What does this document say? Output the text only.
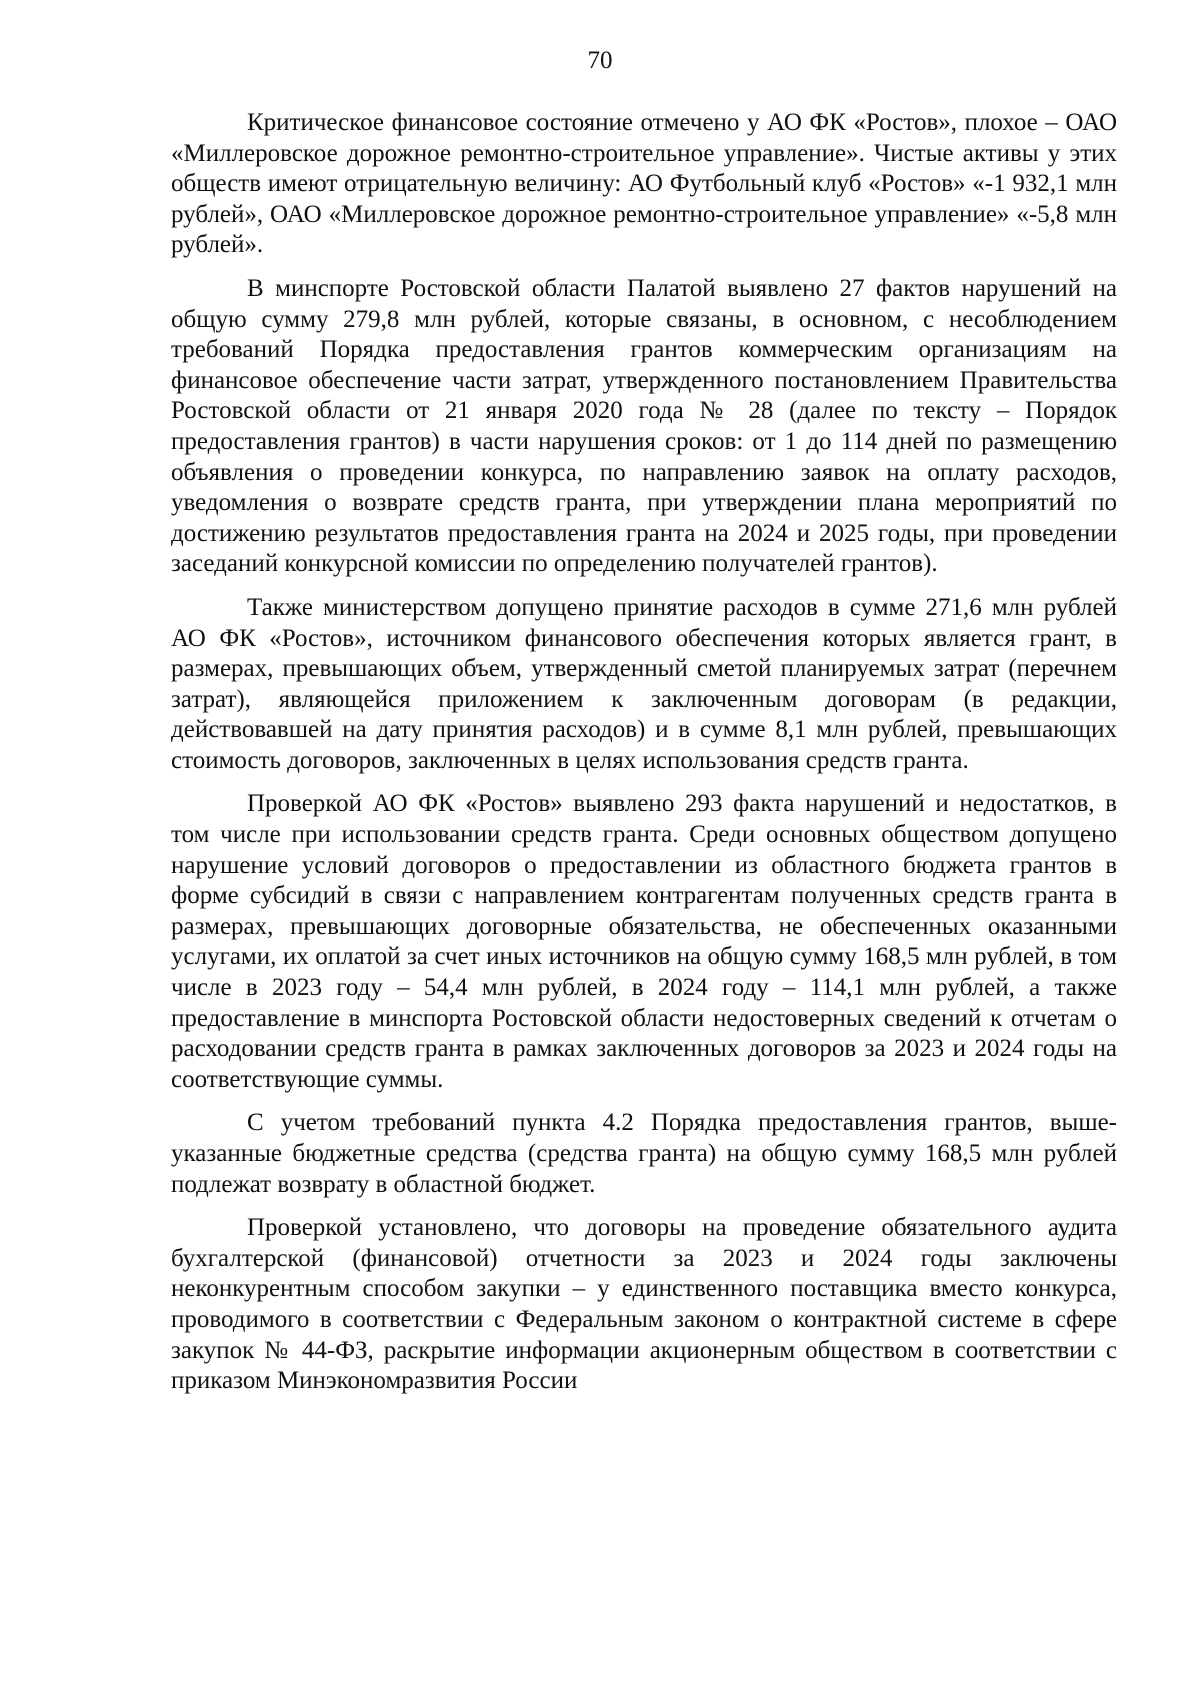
70

Критическое финансовое состояние отмечено у АО ФК «Ростов», плохое – ОАО «Миллеровское дорожное ремонтно-строительное управление». Чистые активы у этих обществ имеют отрицательную величину: АО Футбольный клуб «Ростов» «-1 932,1 млн рублей», ОАО «Миллеровское дорожное ремонтно-строительное управление» «-5,8 млн рублей».

В минспорте Ростовской области Палатой выявлено 27 фактов нарушений на общую сумму 279,8 млн рублей, которые связаны, в основном, с несоблюдением требований Порядка предоставления грантов коммерческим организациям на финансовое обеспечение части затрат, утвержденного постановлением Правительства Ростовской области от 21 января 2020 года № 28 (далее по тексту – Порядок предоставления грантов) в части нарушения сроков: от 1 до 114 дней по размещению объявления о проведении конкурса, по направлению заявок на оплату расходов, уведомления о возврате средств гранта, при утверждении плана мероприятий по достижению результатов предоставления гранта на 2024 и 2025 годы, при проведении заседаний конкурсной комиссии по определению получателей грантов).

Также министерством допущено принятие расходов в сумме 271,6 млн рублей АО ФК «Ростов», источником финансового обеспечения которых является грант, в размерах, превышающих объем, утвержденный сметой планируемых затрат (перечнем затрат), являющейся приложением к заключенным договорам (в редакции, действовавшей на дату принятия расходов) и в сумме 8,1 млн рублей, превышающих стоимость договоров, заключенных в целях использования средств гранта.

Проверкой АО ФК «Ростов» выявлено 293 факта нарушений и недостатков, в том числе при использовании средств гранта. Среди основных обществом допущено нарушение условий договоров о предоставлении из областного бюджета грантов в форме субсидий в связи с направлением контрагентам полученных средств гранта в размерах, превышающих договорные обязательства, не обеспеченных оказанными услугами, их оплатой за счет иных источников на общую сумму 168,5 млн рублей, в том числе в 2023 году – 54,4 млн рублей, в 2024 году – 114,1 млн рублей, а также предоставление в минспорта Ростовской области недостоверных сведений к отчетам о расходовании средств гранта в рамках заключенных договоров за 2023 и 2024 годы на соответствующие суммы.

С учетом требований пункта 4.2 Порядка предоставления грантов, вышеуказанные бюджетные средства (средства гранта) на общую сумму 168,5 млн рублей подлежат возврату в областной бюджет.

Проверкой установлено, что договоры на проведение обязательного аудита бухгалтерской (финансовой) отчетности за 2023 и 2024 годы заключены неконкурентным способом закупки – у единственного поставщика вместо конкурса, проводимого в соответствии с Федеральным законом о контрактной системе в сфере закупок № 44-ФЗ, раскрытие информации акционерным обществом в соответствии с приказом Минэкономразвития России
